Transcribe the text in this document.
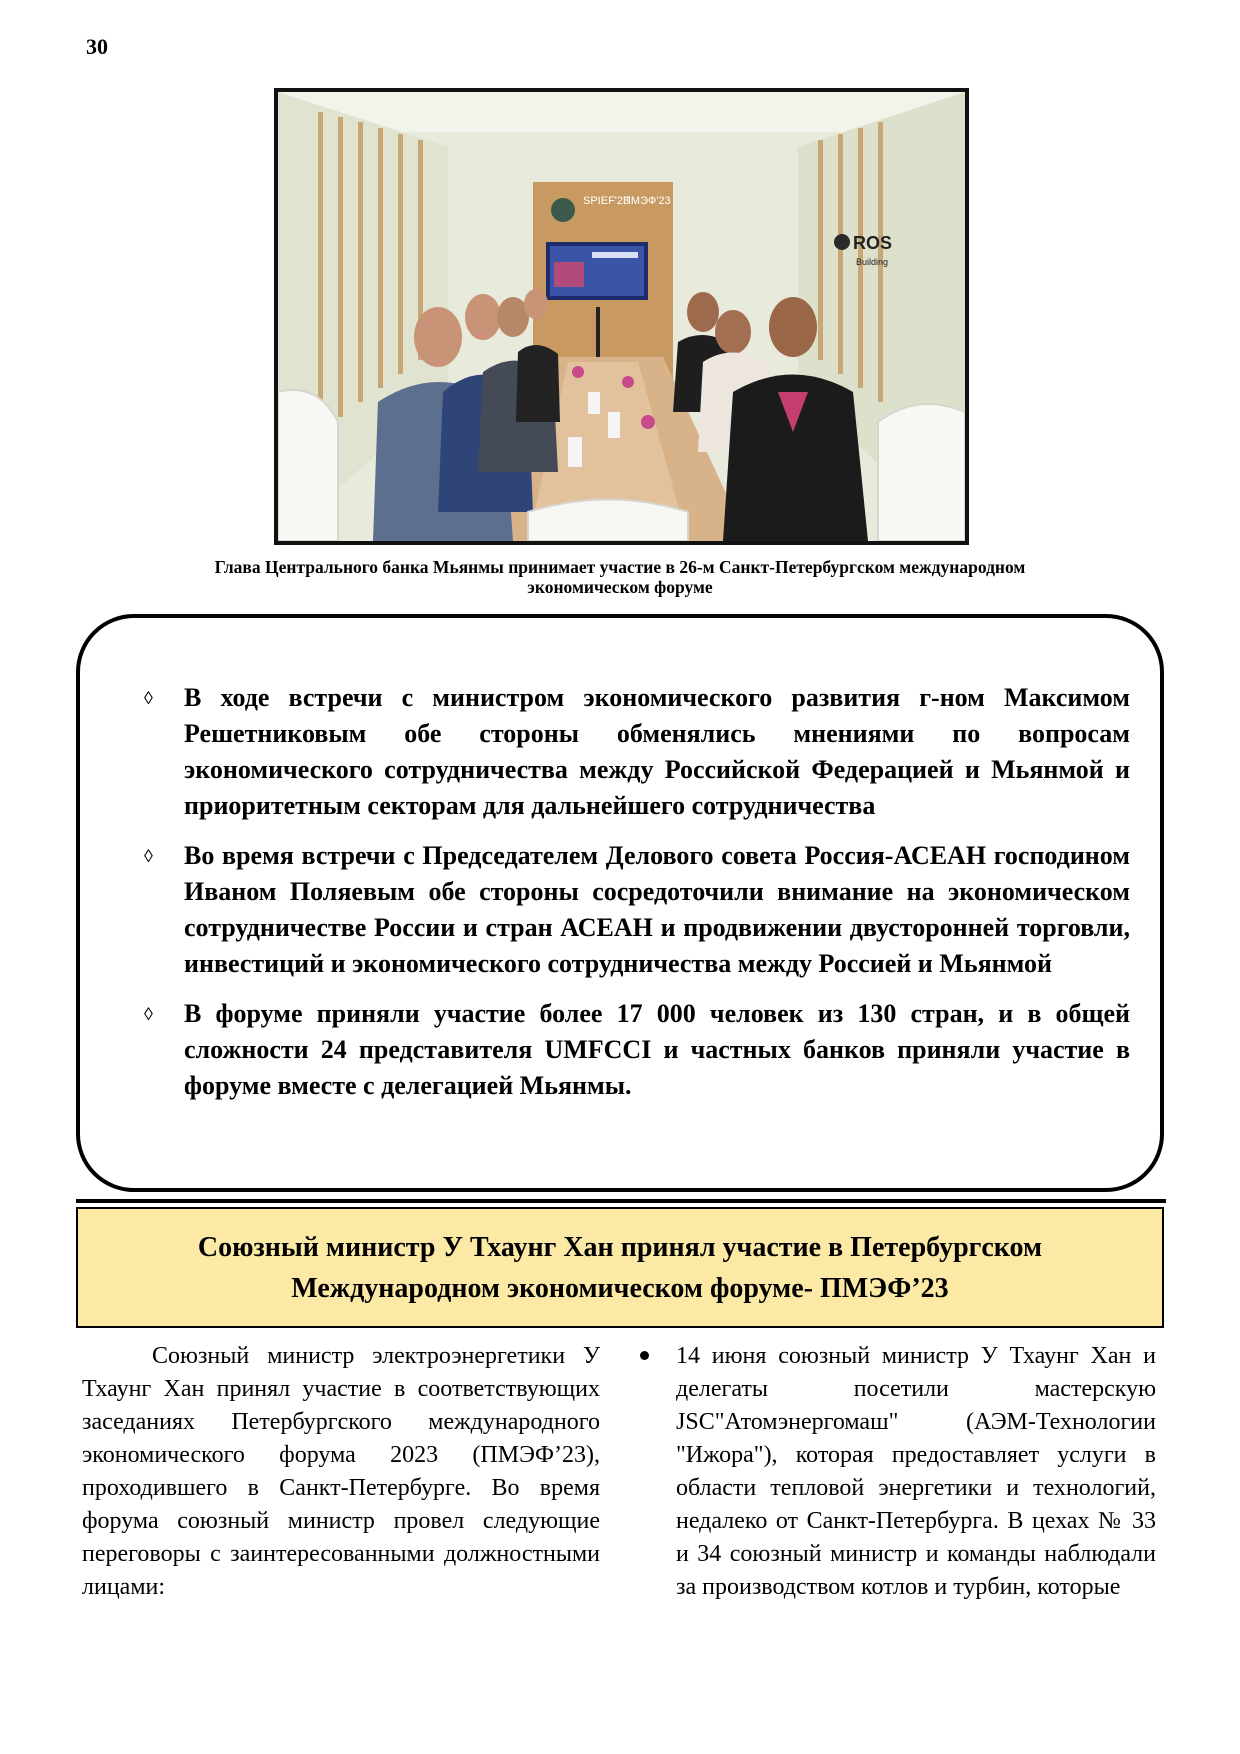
30
SPIEF'23
ПМЭФ'23
ROS
Building
Глава Центрального банка Мьянмы принимает участие в 26-м Санкт-Петербургском международном
экономическом форуме
◊ В ходе встречи с министром экономического развития г-ном Максимом Решетниковым обе стороны обменялись мнениями по вопросам экономического сотрудничества между Российской Федерацией и Мьянмой и приоритетным секторам для дальнейшего сотрудничества
◊ Во время встречи с Председателем Делового совета Россия-АСЕАН господином Иваном Поляевым обе стороны сосредоточили внимание на экономическом сотрудничестве России и стран АСЕАН и продвижении двусторонней торговли, инвестиций и экономического сотрудничества между Россией и Мьянмой
◊ В форуме приняли участие более 17 000 человек из 130 стран, и в общей сложности 24 представителя UMFCCI и частных банков приняли участие в форуме вместе с делегацией Мьянмы.
Союзный министр У Тхаунг Хан принял участие в Петербургском
Международном экономическом форуме- ПМЭФ’23

Союзный министр электроэнергетики У Тхаунг Хан принял участие в соответствующих заседаниях Петербургского международного экономического форума 2023 (ПМЭФ’23), проходившего в Санкт-Петербурге. Во время форума союзный министр провел следующие переговоры с заинтересованными должностными лицами:

14 июня союзный министр У Тхаунг Хан и делегаты посетили мастерскую JSC"Атомэнергомаш" (АЭМ-Технологии "Ижора"), которая предоставляет услуги в области тепловой энергетики и технологий, недалеко от Санкт-Петербурга. В цехах № 33 и 34 союзный министр и команды наблюдали за производством котлов и турбин, которые
